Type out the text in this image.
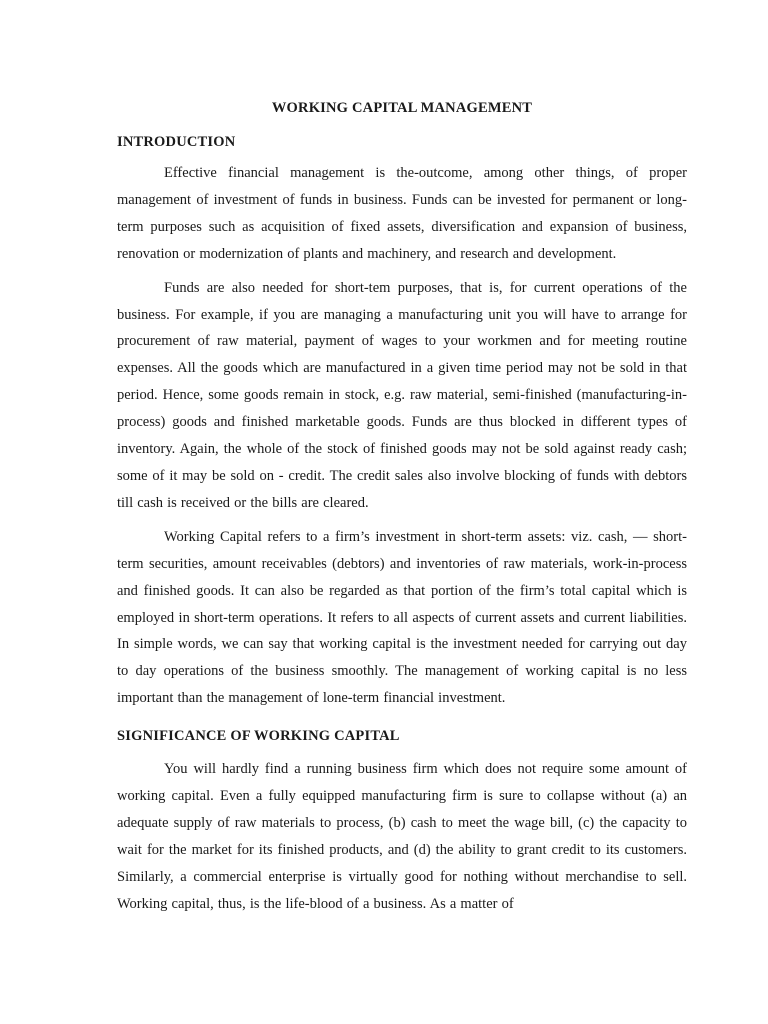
WORKING CAPITAL MANAGEMENT
INTRODUCTION

Effective financial management is the-outcome, among other things, of proper management of investment of funds in business. Funds can be invested for permanent or long-term purposes such as acquisition of fixed assets, diversification and expansion of business, renovation or modernization of plants and machinery, and research and development.

Funds are also needed for short-tem purposes, that is, for current operations of the business. For example, if you are managing a manufacturing unit you will have to arrange for procurement of raw material, payment of wages to your workmen and for meeting routine expenses. All the goods which are manufactured in a given time period may not be sold in that period. Hence, some goods remain in stock, e.g. raw material, semi-finished (manufacturing-in-process) goods and finished marketable goods. Funds are thus blocked in different types of inventory. Again, the whole of the stock of finished goods may not be sold against ready cash; some of it may be sold on - credit. The credit sales also involve blocking of funds with debtors till cash is received or the bills are cleared.

Working Capital refers to a firm’s investment in short-term assets: viz. cash, — short-term securities, amount receivables (debtors) and inventories of raw materials, work-in-process and finished goods. It can also be regarded as that portion of the firm’s total capital which is employed in short-term operations. It refers to all aspects of current assets and current liabilities. In simple words, we can say that working capital is the investment needed for carrying out day to day operations of the business smoothly. The management of working capital is no less important than the management of lone-term financial investment.

SIGNIFICANCE OF WORKING CAPITAL

You will hardly find a running business firm which does not require some amount of working capital. Even a fully equipped manufacturing firm is sure to collapse without (a) an adequate supply of raw materials to process, (b) cash to meet the wage bill, (c) the capacity to wait for the market for its finished products, and (d) the ability to grant credit to its customers. Similarly, a commercial enterprise is virtually good for nothing without merchandise to sell. Working capital, thus, is the life-blood of a business. As a matter of
